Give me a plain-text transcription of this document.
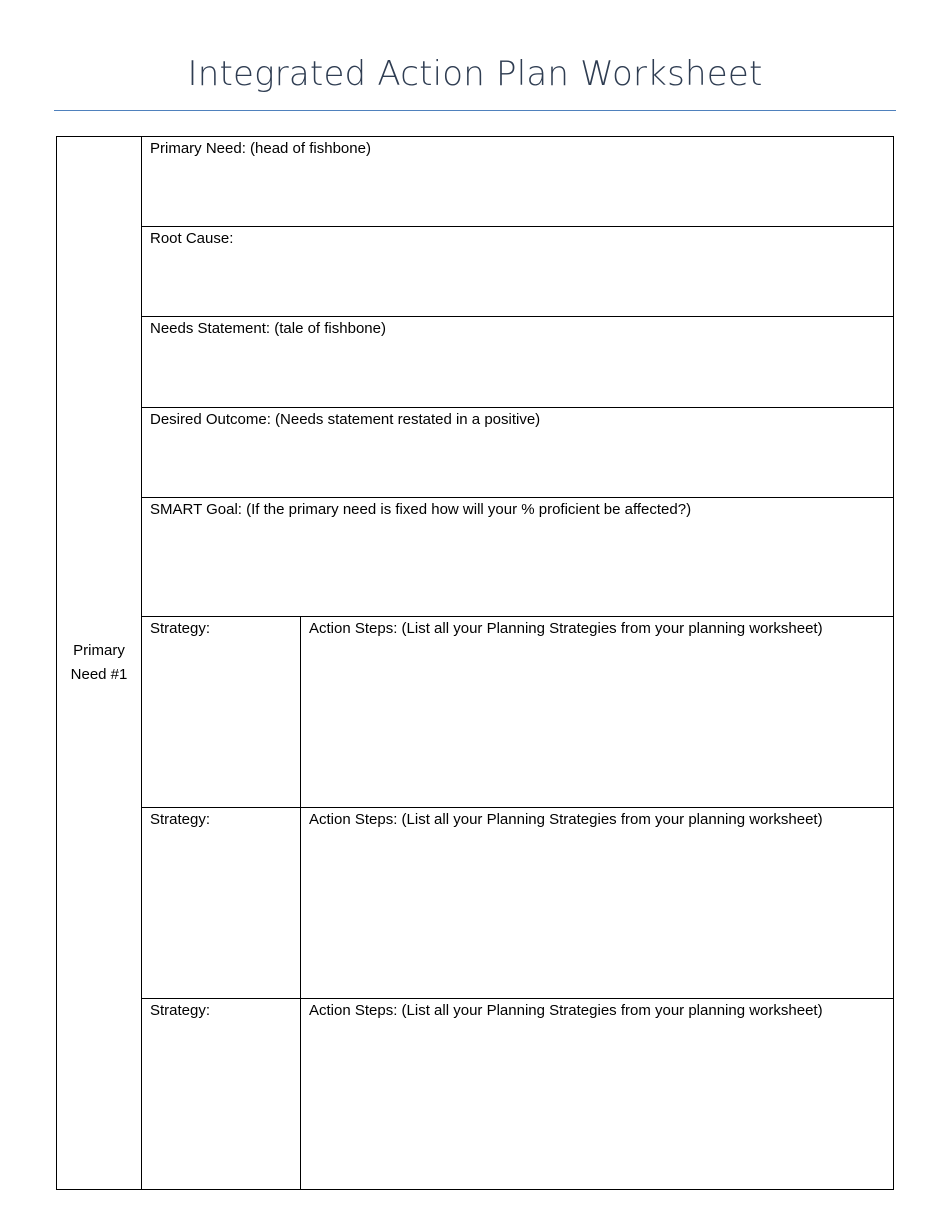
Integrated Action Plan Worksheet
Primary Need #1
Primary Need: (head of fishbone)
Root Cause:
Needs Statement: (tale of fishbone)
Desired Outcome: (Needs statement restated in a positive)
SMART Goal: (If the primary need is fixed how will your % proficient be affected?)
Strategy:	Action Steps: (List all your Planning Strategies from your planning worksheet)
Strategy:	Action Steps: (List all your Planning Strategies from your planning worksheet)
Strategy:	Action Steps: (List all your Planning Strategies from your planning worksheet)
